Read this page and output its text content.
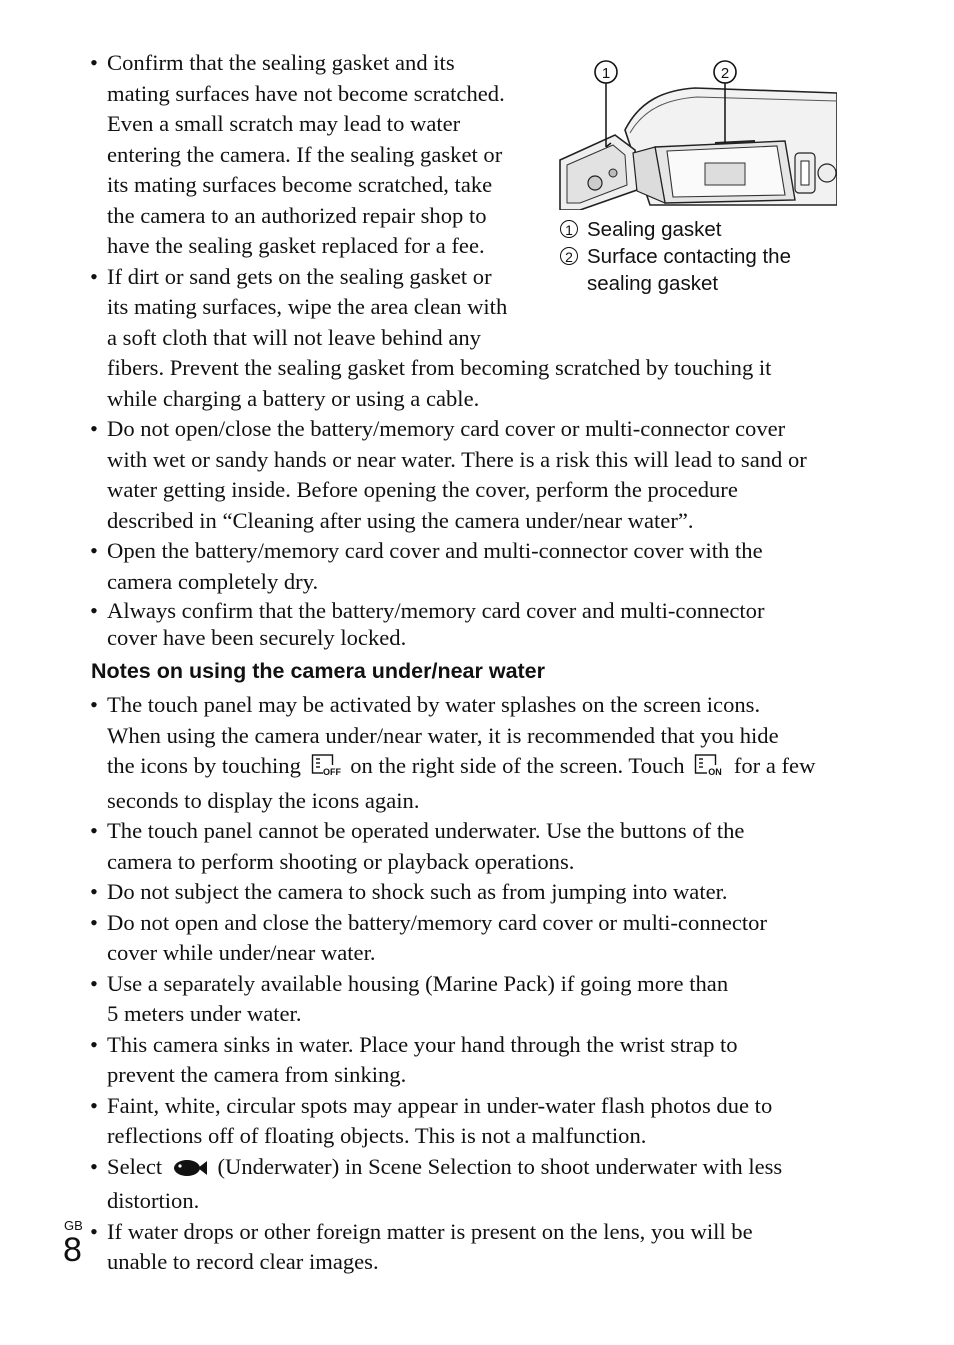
1	2
1 Sealing gasket
2 Surface contacting the sealing gasket
• Confirm that the sealing gasket and its
mating surfaces have not become scratched.
Even a small scratch may lead to water
entering the camera. If the sealing gasket or
its mating surfaces become scratched, take
the camera to an authorized repair shop to
have the sealing gasket replaced for a fee.
• If dirt or sand gets on the sealing gasket or
its mating surfaces, wipe the area clean with
a soft cloth that will not leave behind any
fibers. Prevent the sealing gasket from becoming scratched by touching it
while charging a battery or using a cable.
• Do not open/close the battery/memory card cover or multi-connector cover
with wet or sandy hands or near water. There is a risk this will lead to sand or
water getting inside. Before opening the cover, perform the procedure
described in “Cleaning after using the camera under/near water”.
• Open the battery/memory card cover and multi-connector cover with the
camera completely dry.
• Always confirm that the battery/memory card cover and multi-connector
cover have been securely locked.
Notes on using the camera under/near water
• The touch panel may be activated by water splashes on the screen icons.
When using the camera under/near water, it is recommended that you hide
the icons by touching OFF on the right side of the screen. Touch	ON for a few
seconds to display the icons again.
• The touch panel cannot be operated underwater. Use the buttons of the
camera to perform shooting or playback operations.
• Do not subject the camera to shock such as from jumping into water.
• Do not open and close the battery/memory card cover or multi-connector
cover while under/near water.
• Use a separately available housing (Marine Pack) if going more than
5 meters under water.
• This camera sinks in water. Place your hand through the wrist strap to
prevent the camera from sinking.
• Faint, white, circular spots may appear in under-water flash photos due to
reflections off of floating objects. This is not a malfunction.
• Select (Underwater) in Scene Selection to shoot underwater with less
distortion.
• If water drops or other foreign matter is present on the lens, you will be
unable to record clear images.
GB
8
